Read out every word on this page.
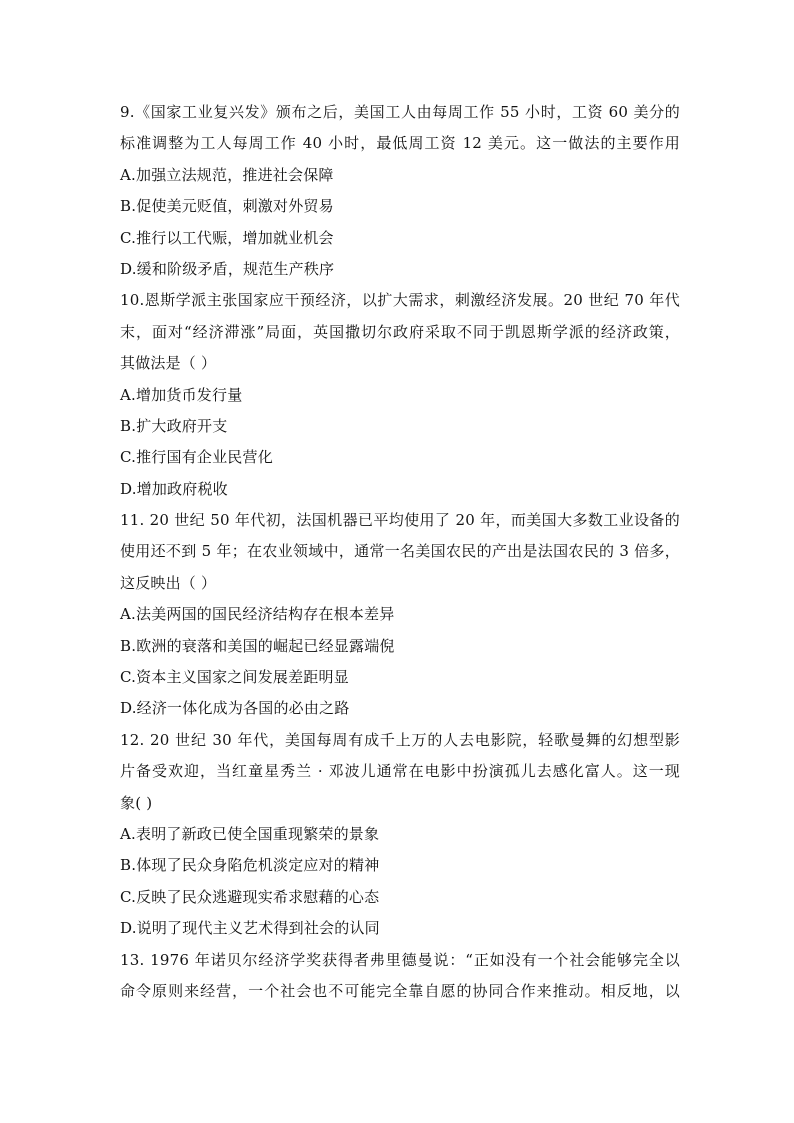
9.《国家工业复兴发》颁布之后，美国工人由每周工作 55 小时，工资 60 美分的
标准调整为工人每周工作 40 小时，最低周工资 12 美元。这一做法的主要作用
A.加强立法规范，推进社会保障
B.促使美元贬值，刺激对外贸易
C.推行以工代赈，增加就业机会
D.缓和阶级矛盾，规范生产秩序
10.恩斯学派主张国家应干预经济，以扩大需求，刺激经济发展。20 世纪 70 年代
末，面对“经济滞涨”局面，英国撒切尔政府采取不同于凯恩斯学派的经济政策，
其做法是（ ）
A.增加货币发行量
B.扩大政府开支
C.推行国有企业民营化
D.增加政府税收
11. 20 世纪 50 年代初，法国机器已平均使用了 20 年，而美国大多数工业设备的
使用还不到 5 年；在农业领域中，通常一名美国农民的产出是法国农民的 3 倍多，
这反映出（ ）
A.法美两国的国民经济结构存在根本差异
B.欧洲的衰落和美国的崛起已经显露端倪
C.资本主义国家之间发展差距明显
D.经济一体化成为各国的必由之路
12. 20 世纪 30 年代，美国每周有成千上万的人去电影院，轻歌曼舞的幻想型影
片备受欢迎，当红童星秀兰 · 邓波儿通常在电影中扮演孤儿去感化富人。这一现
象( )
A.表明了新政已使全国重现繁荣的景象
B.体现了民众身陷危机淡定应对的精神
C.反映了民众逃避现实希求慰藉的心态
D.说明了现代主义艺术得到社会的认同
13. 1976 年诺贝尔经济学奖获得者弗里德曼说：“正如没有一个社会能够完全以
命令原则来经营，一个社会也不可能完全靠自愿的协同合作来推动。相反地，以
